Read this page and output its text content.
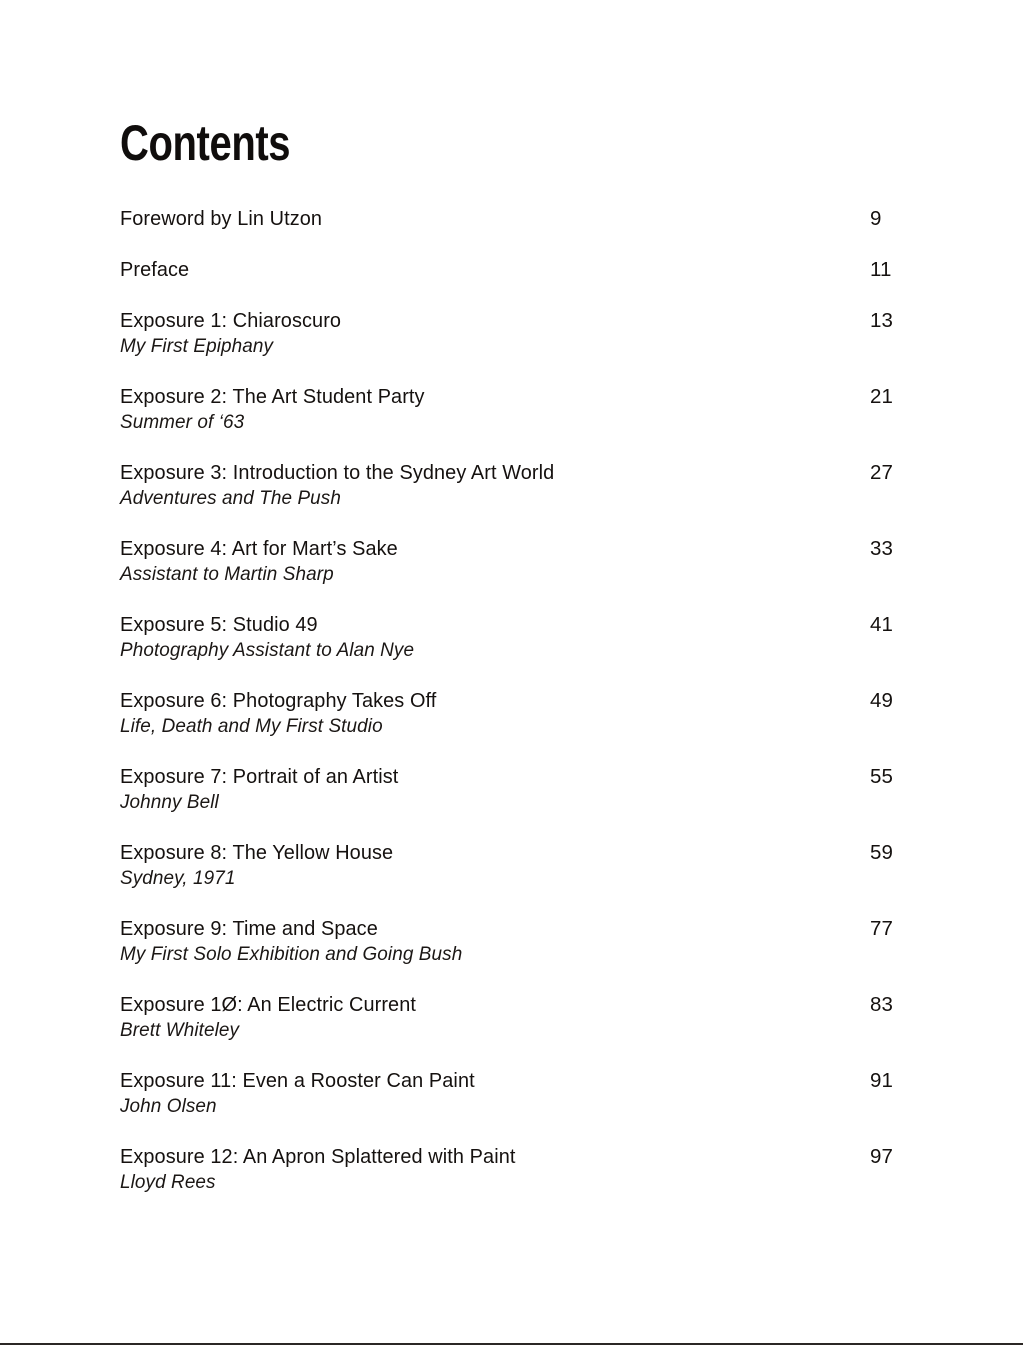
Contents
Foreword by Lin Utzon	9
Preface	11
Exposure 1: Chiaroscuro	13
My First Epiphany
Exposure 2: The Art Student Party	21
Summer of ‘63
Exposure 3: Introduction to the Sydney Art World	27
Adventures and The Push
Exposure 4: Art for Mart’s Sake	33
Assistant to Martin Sharp
Exposure 5: Studio 49	41
Photography Assistant to Alan Nye
Exposure 6: Photography Takes Off	49
Life, Death and My First Studio
Exposure 7: Portrait of an Artist	55
Johnny Bell
Exposure 8: The Yellow House	59
Sydney, 1971
Exposure 9: Time and Space	77
My First Solo Exhibition and Going Bush
Exposure 1Ø: An Electric Current	83
Brett Whiteley
Exposure 11: Even a Rooster Can Paint	91
John Olsen
Exposure 12: An Apron Splattered with Paint	97
Lloyd Rees
